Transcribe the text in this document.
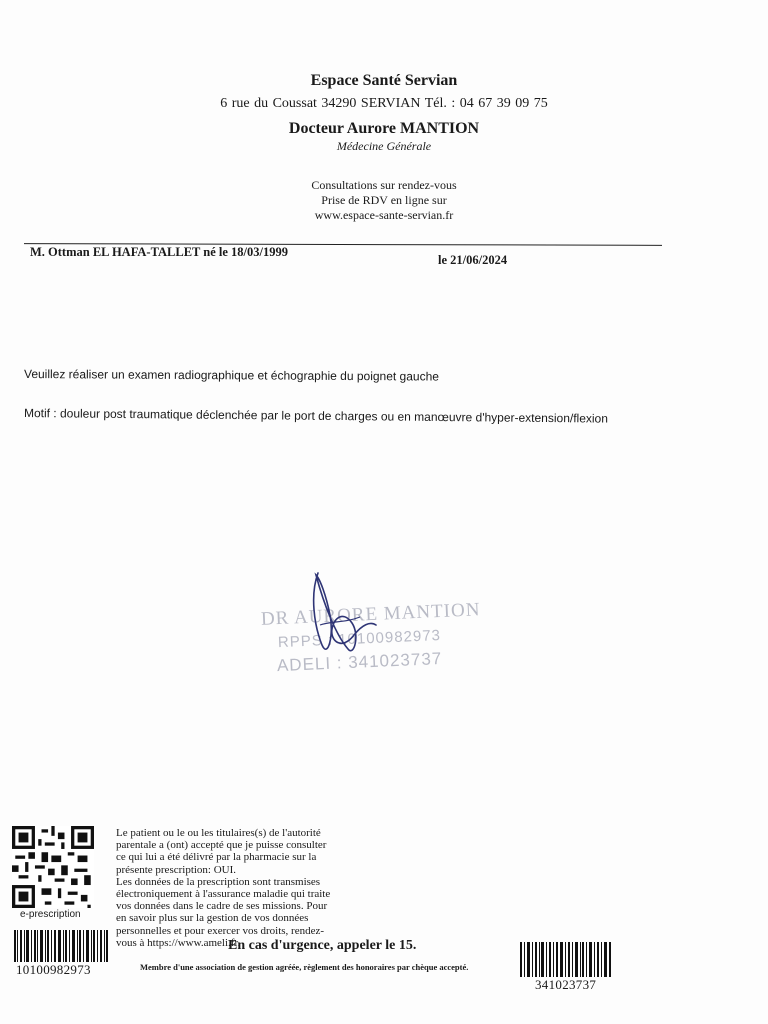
Espace Santé Servian
6 rue du Coussat 34290 SERVIAN Tél. : 04 67 39 09 75
Docteur Aurore MANTION
Médecine Générale
Consultations sur rendez-vous
Prise de RDV en ligne sur
www.espace-sante-servian.fr
M. Ottman EL HAFA-TALLET né le 18/03/1999
le 21/06/2024
Veuillez réaliser un examen radiographique et échographie du poignet gauche
Motif : douleur post traumatique déclenchée par le port de charges ou en manœuvre d'hyper-extension/flexion
DR AURORE MANTION
RPPS : 10100982973
ADELI : 341023737
e-prescription
10100982973
341023737
Le patient ou le ou les titulaires(s) de l'autorité
parentale a (ont) accepté que je puisse consulter
ce qui lui a été délivré par la pharmacie sur la
présente prescription: OUI.
Les données de la prescription sont transmises
électroniquement à l'assurance maladie qui traite
vos données dans le cadre de ses missions. Pour
en savoir plus sur la gestion de vos données
personnelles et pour exercer vos droits, rendez-
vous à https://www.ameli.fr.
En cas d'urgence, appeler le 15.
Membre d'une association de gestion agréée, règlement des honoraires par chèque accepté.
